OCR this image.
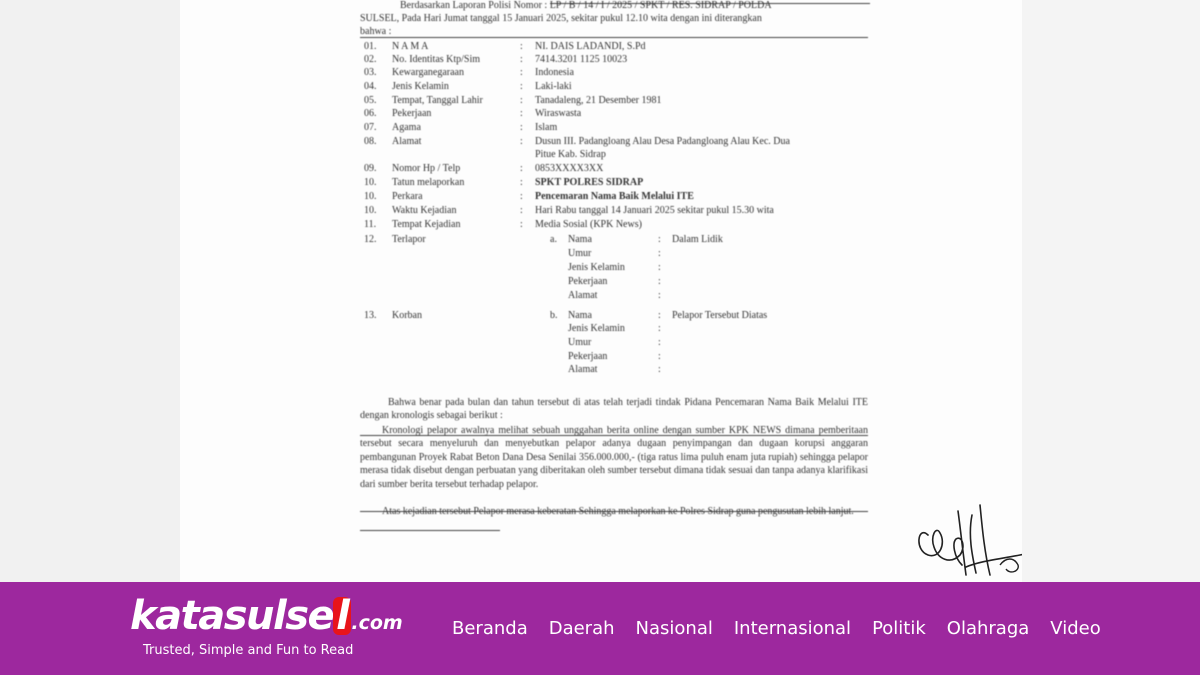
Berdasarkan Laporan Polisi Nomor : LP / B / 14 / I / 2025 / SPKT / RES. SIDRAP / POLDA
SULSEL, Pada Hari Jumat tanggal 15 Januari 2025, sekitar pukul 12.10 wita dengan ini diterangkan
bahwa :
01. N A M A	: NI. DAIS LADANDI, S.Pd
02. No. Identitas Ktp/Sim	: 7414.3201 1125 10023
03. Kewarganegaraan	: Indonesia
04. Jenis Kelamin	: Laki-laki
05. Tempat, Tanggal Lahir	: Tanadaleng, 21 Desember 1981
06. Pekerjaan	: Wiraswasta
07. Agama	: Islam
08. Alamat	: Dusun III. Padangloang Alau Desa Padangloang Alau Kec. Dua
Pitue Kab. Sidrap
09. Nomor Hp / Telp	: 0853XXXX3XX
10. Tatun melaporkan	: SPKT POLRES SIDRAP
10. Perkara	: Pencemaran Nama Baik Melalui ITE
10. Waktu Kejadian	: Hari Rabu tanggal 14 Januari 2025 sekitar pukul 15.30 wita
11. Tempat Kejadian	: Media Sosial (KPK News)
12. Terlapor	a. Nama	: Dalam Lidik
Umur	:
Jenis Kelamin	:
Pekerjaan	:
Alamat	:
13. Korban	b. Nama	: Pelapor Tersebut Diatas
Jenis Kelamin	:
Umur	:
Pekerjaan	:
Alamat	:
Bahwa benar pada bulan dan tahun tersebut di atas telah terjadi tindak Pidana Pencemaran Nama Baik Melalui ITE dengan kronologis sebagai berikut :
Kronologi pelapor awalnya melihat sebuah unggahan berita online dengan sumber KPK NEWS dimana pemberitaan tersebut secara menyeluruh dan menyebutkan pelapor adanya dugaan penyimpangan dan dugaan korupsi anggaran pembangunan Proyek Rabat Beton Dana Desa Senilai 356.000.000,- (tiga ratus lima puluh enam juta rupiah) sehingga pelapor merasa tidak disebut dengan perbuatan yang diberitakan oleh sumber tersebut dimana tidak sesuai dan tanpa adanya klarifikasi dari sumber berita tersebut terhadap pelapor.
Atas kejadian tersebut Pelapor merasa keberatan Sehingga melaporkan ke Polres Sidrap guna pengusutan lebih lanjut.
katasulsel .com
Trusted, Simple and Fun to Read
Beranda Daerah Nasional Internasional Politik Olahraga Video
